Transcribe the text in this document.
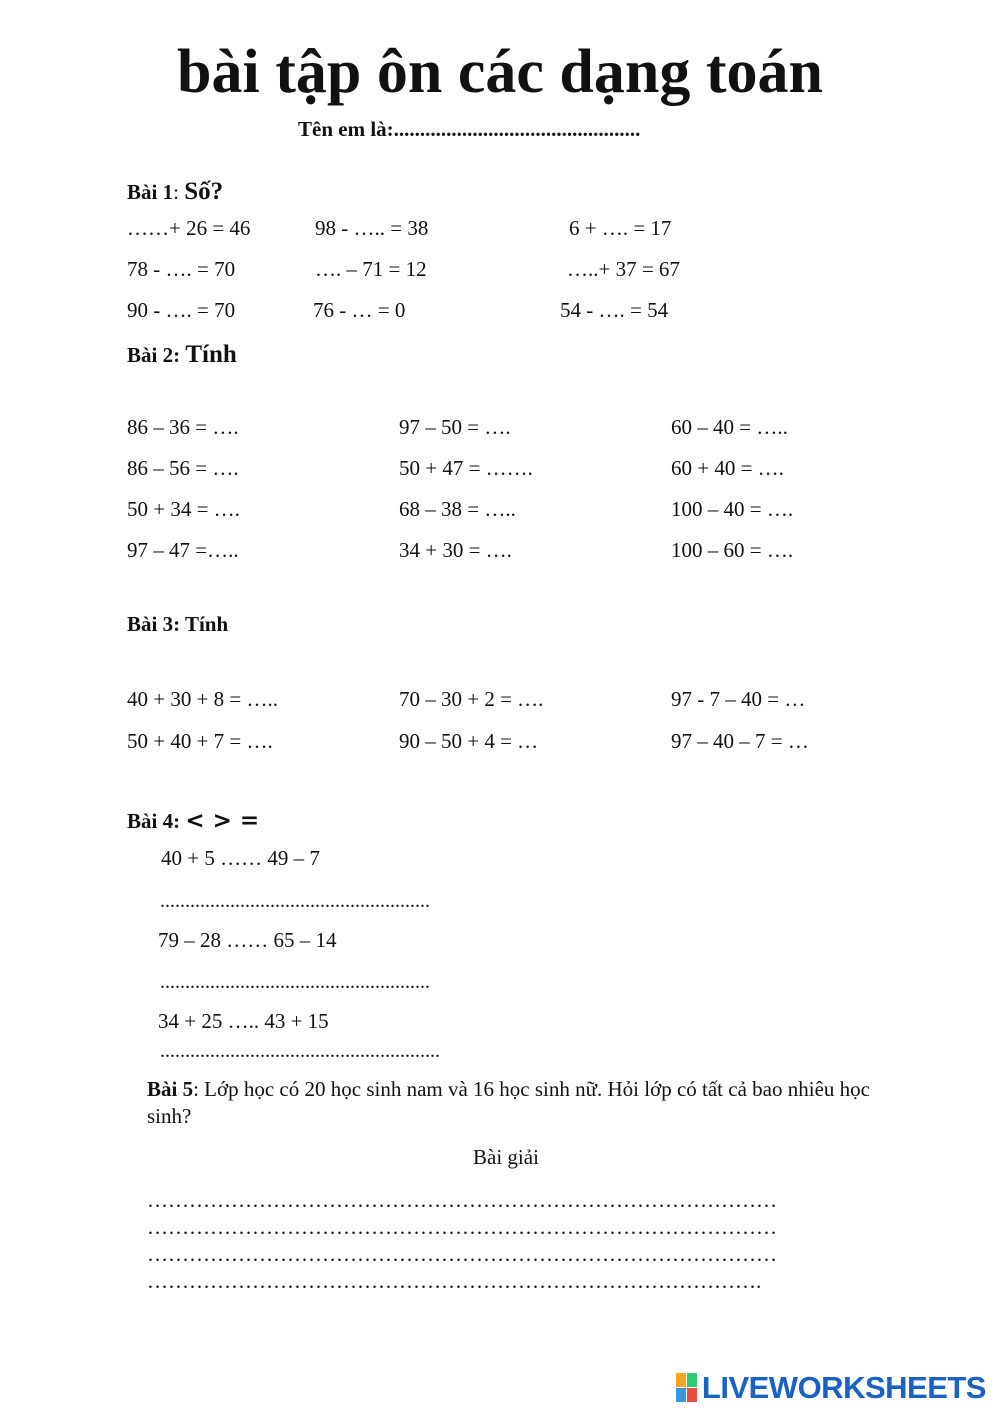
bài tập ôn các dạng toán
Tên em là:...............................................
Bài 1: Số?
……+ 26 = 46	98 - ….. = 38	6 + …. = 17
78 - …. = 70	…. – 71 = 12	…..+ 37 = 67
90 - …. = 70	76 - … = 0	54 - …. = 54
Bài 2: Tính
86 – 36 = ….	97 – 50 = ….	60 – 40 = …..
86 – 56 = ….	50 + 47 = …….	60 + 40 = ….
50 + 34 = ….	68 – 38 = …..	100 – 40 = ….
97 – 47 =…..	34 + 30 = ….	100 – 60 = ….
Bài 3: Tính
40 + 30 + 8 = …..	70 – 30 + 2 = ….	97 - 7 – 40 = …
50 + 40 + 7 = ….	90 – 50 + 4 = …	97 – 40 – 7 = …
Bài 4: < > =
40 + 5 …… 49 – 7
......................................................
79 – 28 …… 65 – 14
......................................................
34 + 25 ….. 43 + 15
........................................................
Bài 5: Lớp học có 20 học sinh nam và 16 học sinh nữ. Hỏi lớp có tất cả bao nhiêu học sinh?
Bài giải
………………………………………………………………………………
………………………………………………………………………………
………………………………………………………………………………
…………………………………………………………………………….
LIVEWORKSHEETS
